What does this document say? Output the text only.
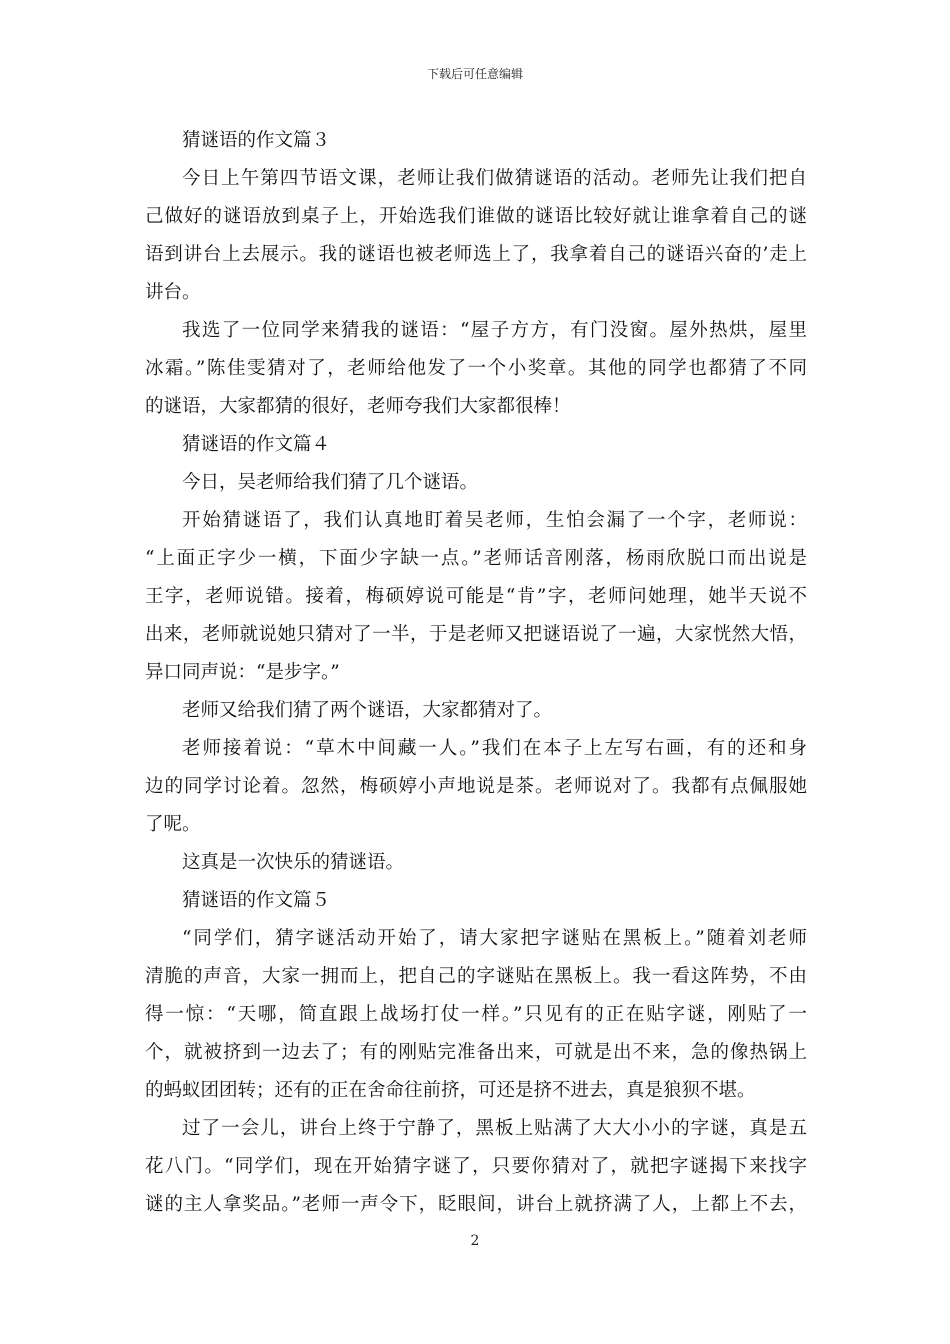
下载后可任意编辑
猜谜语的作文篇３
今日上午第四节语文课，老师让我们做猜谜语的活动。老师先让我们把自
己做好的谜语放到桌子上，开始选我们谁做的谜语比较好就让谁拿着自己的谜
语到讲台上去展示。我的谜语也被老师选上了，我拿着自己的谜语兴奋的’走上
讲台。
我选了一位同学来猜我的谜语：“屋子方方，有门没窗。屋外热烘，屋里
冰霜。”陈佳雯猜对了，老师给他发了一个小奖章。其他的同学也都猜了不同
的谜语，大家都猜的很好，老师夸我们大家都很棒！
猜谜语的作文篇４
今日，吴老师给我们猜了几个谜语。
开始猜谜语了，我们认真地盯着吴老师，生怕会漏了一个字，老师说：
“上面正字少一横，下面少字缺一点。”老师话音刚落，杨雨欣脱口而出说是
王字，老师说错。接着，梅硕婷说可能是“肯”字，老师问她理，她半天说不
出来，老师就说她只猜对了一半，于是老师又把谜语说了一遍，大家恍然大悟，
异口同声说：“是步字。”
老师又给我们猜了两个谜语，大家都猜对了。
老师接着说：“草木中间藏一人。”我们在本子上左写右画，有的还和身
边的同学讨论着。忽然，梅硕婷小声地说是茶。老师说对了。我都有点佩服她
了呢。
这真是一次快乐的猜谜语。
猜谜语的作文篇５
“同学们，猜字谜活动开始了，请大家把字谜贴在黑板上。”随着刘老师
清脆的声音，大家一拥而上，把自己的字谜贴在黑板上。我一看这阵势，不由
得一惊：“天哪，简直跟上战场打仗一样。”只见有的正在贴字谜，刚贴了一
个，就被挤到一边去了；有的刚贴完准备出来，可就是出不来，急的像热锅上
的蚂蚁团团转；还有的正在舍命往前挤，可还是挤不进去，真是狼狈不堪。
过了一会儿，讲台上终于宁静了，黑板上贴满了大大小小的字谜，真是五
花八门。“同学们，现在开始猜字谜了，只要你猜对了，就把字谜揭下来找字
谜的主人拿奖品。”老师一声令下，眨眼间，讲台上就挤满了人，上都上不去，
2
